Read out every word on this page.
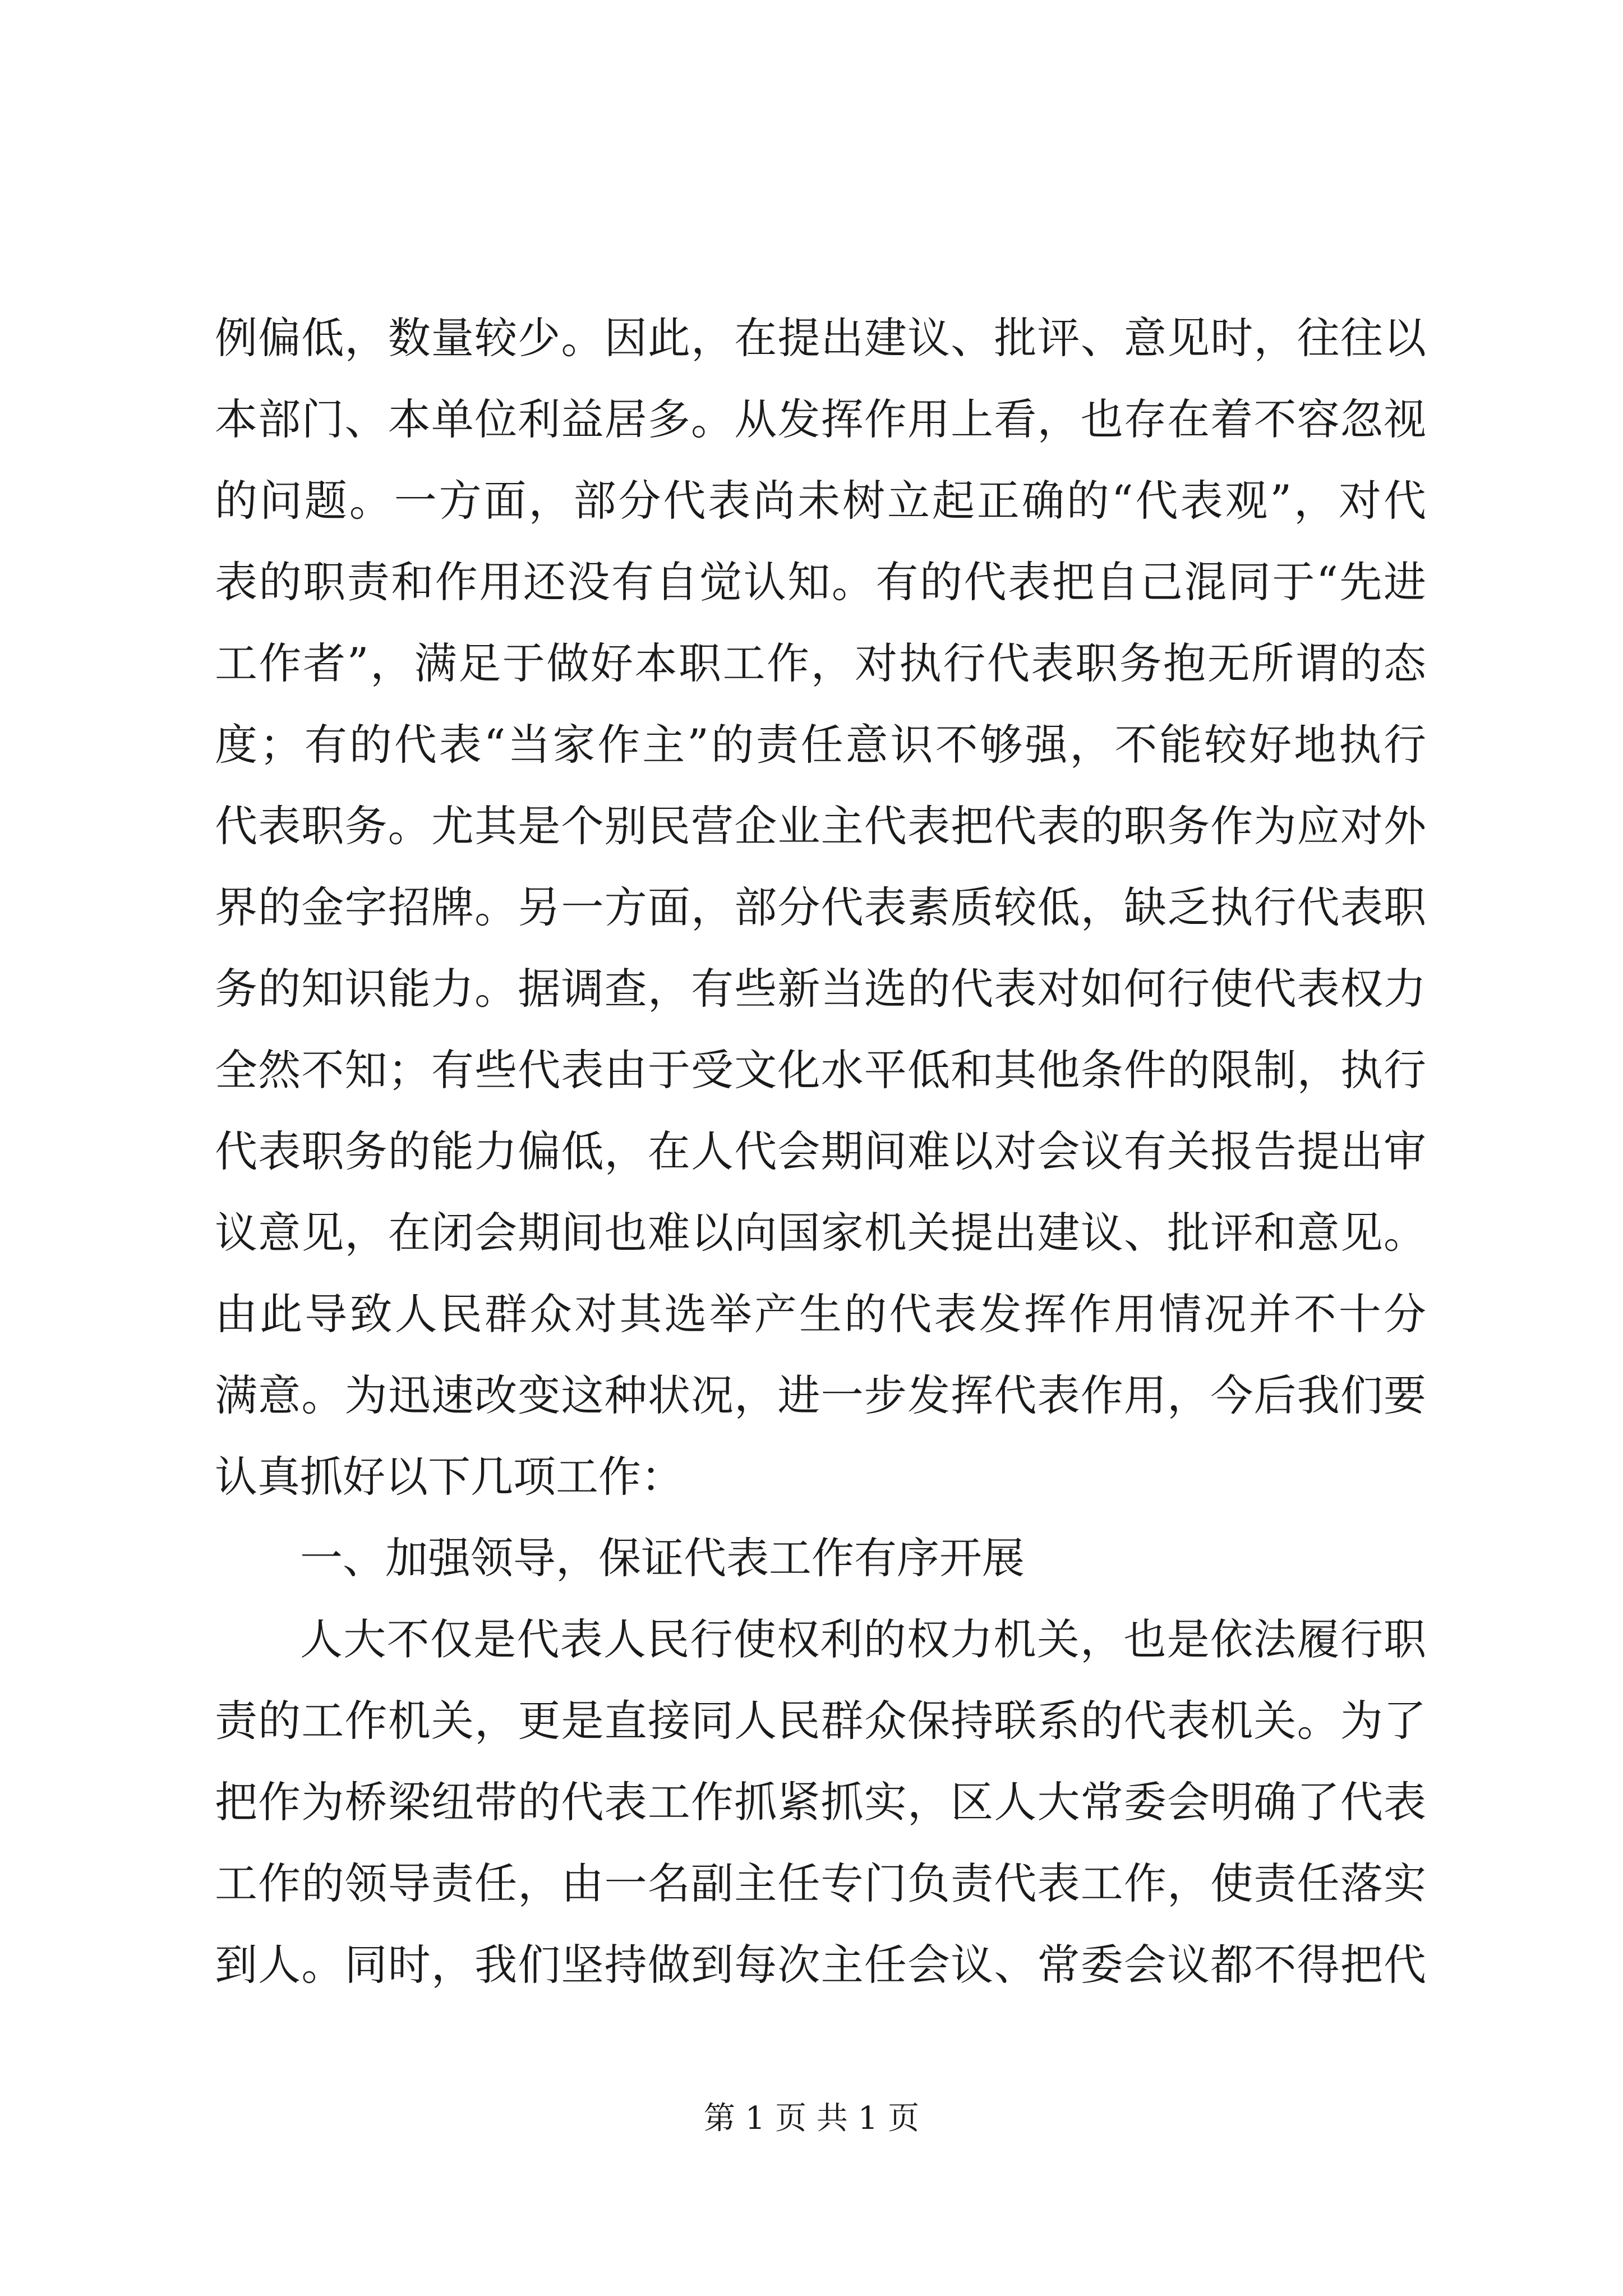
例偏低，数量较少。因此，在提出建议、批评、意见时，往往以
本部门、本单位利益居多。从发挥作用上看，也存在着不容忽视
的问题。一方面，部分代表尚未树立起正确的“代表观”，对代
表的职责和作用还没有自觉认知。有的代表把自己混同于“先进
工作者”，满足于做好本职工作，对执行代表职务抱无所谓的态
度；有的代表“当家作主”的责任意识不够强，不能较好地执行
代表职务。尤其是个别民营企业主代表把代表的职务作为应对外
界的金字招牌。另一方面，部分代表素质较低，缺乏执行代表职
务的知识能力。据调查，有些新当选的代表对如何行使代表权力
全然不知；有些代表由于受文化水平低和其他条件的限制，执行
代表职务的能力偏低，在人代会期间难以对会议有关报告提出审
议意见，在闭会期间也难以向国家机关提出建议、批评和意见。
由此导致人民群众对其选举产生的代表发挥作用情况并不十分
满意。为迅速改变这种状况，进一步发挥代表作用，今后我们要
认真抓好以下几项工作：
一、加强领导，保证代表工作有序开展
人大不仅是代表人民行使权利的权力机关，也是依法履行职
责的工作机关，更是直接同人民群众保持联系的代表机关。为了
把作为桥梁纽带的代表工作抓紧抓实，区人大常委会明确了代表
工作的领导责任，由一名副主任专门负责代表工作，使责任落实
到人。同时，我们坚持做到每次主任会议、常委会议都不得把代
第 1 页 共 1 页
